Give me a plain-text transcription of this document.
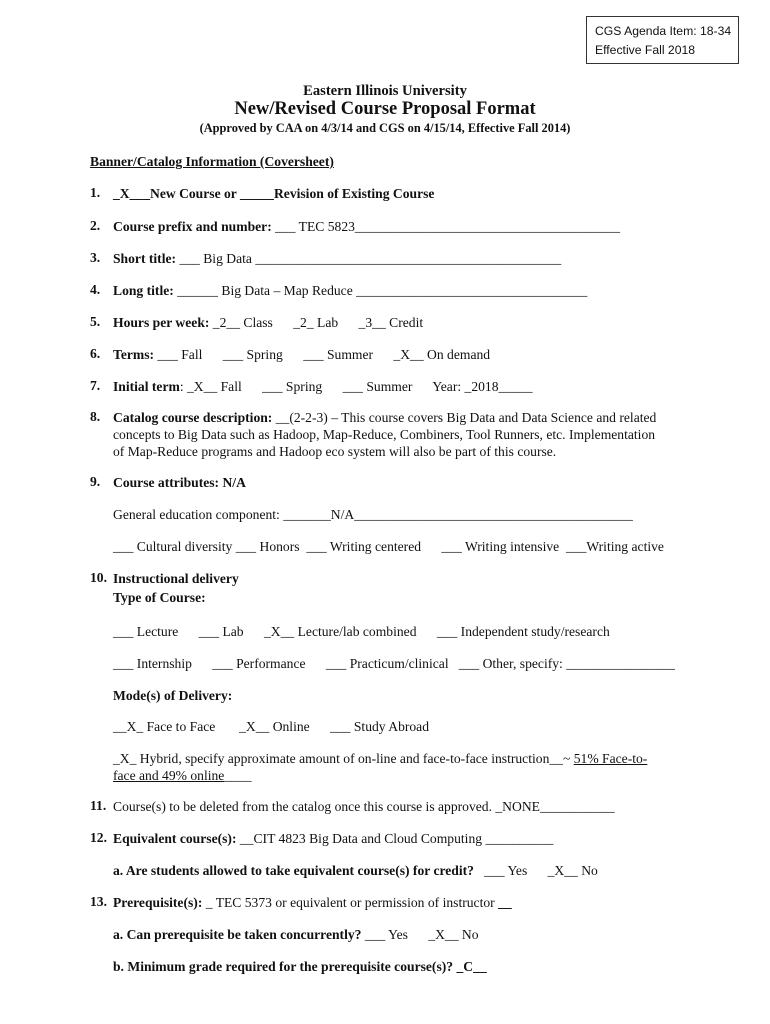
CGS Agenda Item: 18-34
Effective Fall 2018
Eastern Illinois University
New/Revised Course Proposal Format
(Approved by CAA on 4/3/14 and CGS on 4/15/14, Effective Fall 2014)
Banner/Catalog Information (Coversheet)
1. _X___New Course or _____Revision of Existing Course
2. Course prefix and number: ___ TEC 5823_______________________________________
3. Short title: ___ Big Data _____________________________________________
4. Long title: ______ Big Data – Map Reduce __________________________________
5. Hours per week: _2__ Class      _2_ Lab      _3__ Credit
6. Terms: ___ Fall      ___ Spring      ___ Summer      _X__ On demand
7. Initial term: _X__ Fall      ___ Spring      ___ Summer      Year: _2018_____
8. Catalog course description: __(2-2-3) – This course covers Big Data and Data Science and related
concepts to Big Data such as Hadoop, Map-Reduce, Combiners, Tool Runners, etc. Implementation
of Map-Reduce programs and Hadoop eco system will also be part of this course.
9. Course attributes: N/A
General education component: _______N/A_________________________________________
___ Cultural diversity ___ Honors  ___ Writing centered      ___ Writing intensive  ___Writing active
10. Instructional delivery
Type of Course:
___ Lecture      ___ Lab      _X__ Lecture/lab combined      ___ Independent study/research
___ Internship      ___ Performance      ___ Practicum/clinical   ___ Other, specify: ________________
Mode(s) of Delivery:
__X_ Face to Face       _X__ Online      ___ Study Abroad
_X_ Hybrid, specify approximate amount of on-line and face-to-face instruction__~ 51% Face-to-
face and 49% online____
11. Course(s) to be deleted from the catalog once this course is approved. _NONE___________
12. Equivalent course(s): __CIT 4823 Big Data and Cloud Computing __________
a. Are students allowed to take equivalent course(s) for credit?   ___ Yes      _X__ No
13. Prerequisite(s): _ TEC 5373 or equivalent or permission of instructor __
a. Can prerequisite be taken concurrently? ___ Yes      _X__ No
b. Minimum grade required for the prerequisite course(s)? _C__
